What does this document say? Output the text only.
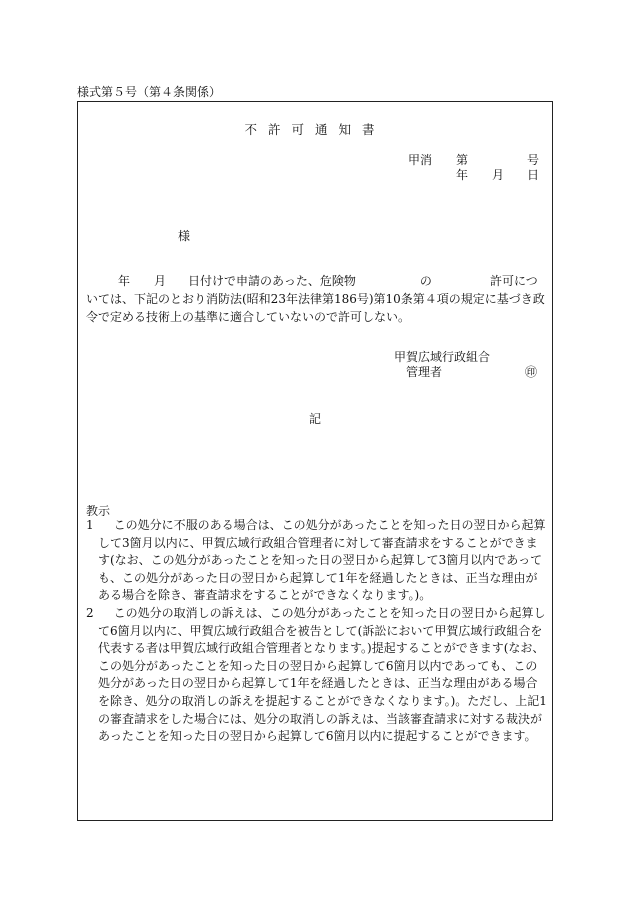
様式第５号（第４条関係）
不許可通知書
甲消 第	号
年 月 日
様
年 月 日付けで申請のあった、危険物	の	許可については、下記のとおり消防法(昭和23年法律第186号)第10条第４項の規定に基づき政令で定める技術上の基準に適合していないので許可しない。
甲賀広域行政組合
管理者	㊞
記
教示
1	この処分に不服のある場合は、この処分があったことを知った日の翌日から起算して3箇月以内に、甲賀広域行政組合管理者に対して審査請求をすることができます(なお、この処分があったことを知った日の翌日から起算して3箇月以内であっても、この処分があった日の翌日から起算して1年を経過したときは、正当な理由がある場合を除き、審査請求をすることができなくなります。)。
2	この処分の取消しの訴えは、この処分があったことを知った日の翌日から起算して6箇月以内に、甲賀広域行政組合を被告として(訴訟において甲賀広域行政組合を代表する者は甲賀広域行政組合管理者となります。)提起することができます(なお、この処分があったことを知った日の翌日から起算して6箇月以内であっても、この処分があった日の翌日から起算して1年を経過したときは、正当な理由がある場合を除き、処分の取消しの訴えを提起することができなくなります。)。ただし、上記1の審査請求をした場合には、処分の取消しの訴えは、当該審査請求に対する裁決があったことを知った日の翌日から起算して6箇月以内に提起することができます。
